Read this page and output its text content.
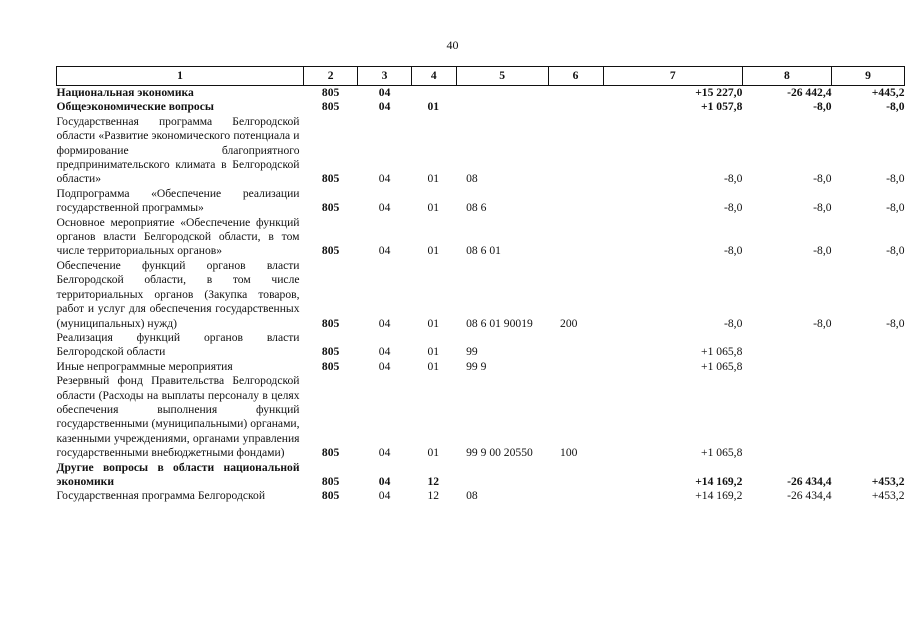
40
1	2	3	4	5	6	7	8	9
Национальная экономика	805	04				+15 227,0	-26 442,4	+445,2
Общеэкономические вопросы	805	04	01			+1 057,8	-8,0	-8,0
Государственная программа Белгородской области «Развитие экономического потенциала и формирование благоприятного предпринимательского климата в Белгородской области»	805	04	01	08		-8,0	-8,0	-8,0
Подпрограмма «Обеспечение реализации государственной программы»	805	04	01	08 6		-8,0	-8,0	-8,0
Основное мероприятие «Обеспечение функций органов власти Белгородской области, в том числе территориальных органов»	805	04	01	08 6 01		-8,0	-8,0	-8,0
Обеспечение функций органов власти Белгородской области, в том числе территориальных органов (Закупка товаров, работ и услуг для обеспечения государственных (муниципальных) нужд)	805	04	01	08 6 01 90019	200	-8,0	-8,0	-8,0
Реализация функций органов власти Белгородской области	805	04	01	99		+1 065,8		
Иные непрограммные мероприятия	805	04	01	99 9		+1 065,8		
Резервный фонд Правительства Белгородской области (Расходы на выплаты персоналу в целях обеспечения выполнения функций государственными (муниципальными) органами, казенными учреждениями, органами управления государственными внебюджетными фондами)	805	04	01	99 9 00 20550	100	+1 065,8		
Другие вопросы в области национальной экономики	805	04	12			+14 169,2	-26 434,4	+453,2
Государственная программа Белгородской	805	04	12	08		+14 169,2	-26 434,4	+453,2
